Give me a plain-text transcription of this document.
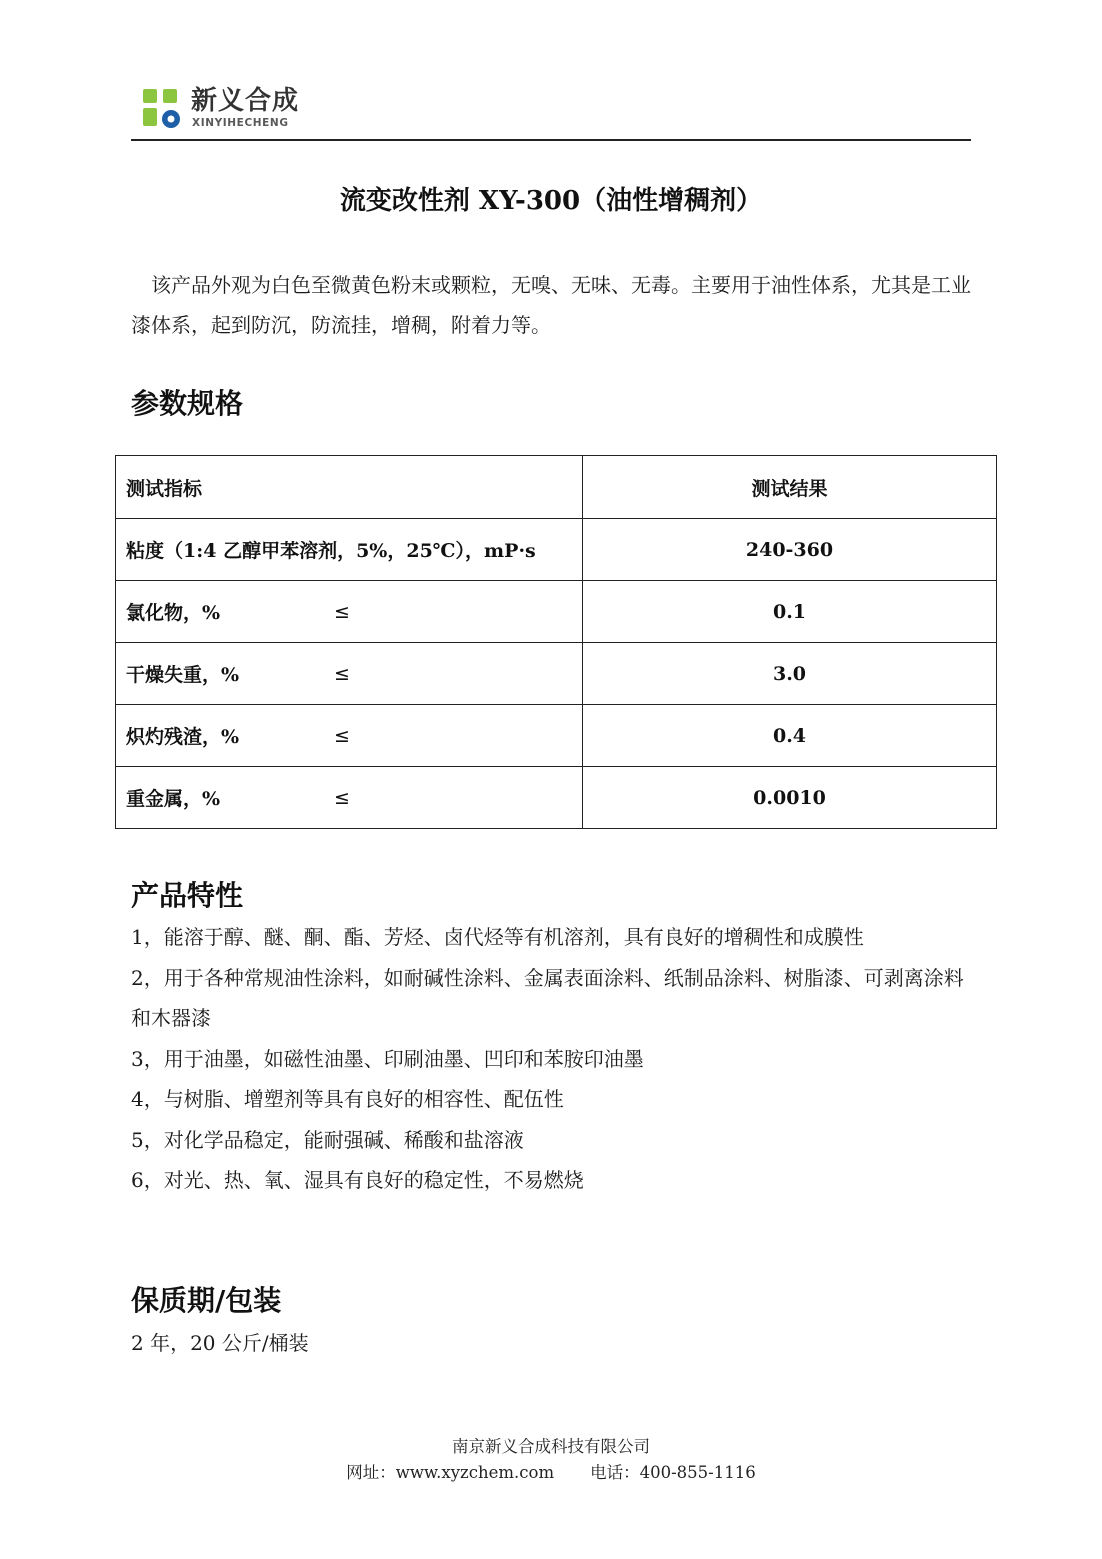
新义合成
XINYIHECHENG
流变改性剂 XY-300（油性增稠剂）
该产品外观为白色至微黄色粉末或颗粒，无嗅、无味、无毒。主要用于油性体系，尤其是工业漆体系，起到防沉，防流挂，增稠，附着力等。
参数规格
测试指标	测试结果
粘度（1:4 乙醇甲苯溶剂，5%，25℃），mP·s	240-360
氯化物，% ≤	0.1
干燥失重，% ≤	3.0
炽灼残渣，% ≤	0.4
重金属，% ≤	0.0010
产品特性
1，能溶于醇、醚、酮、酯、芳烃、卤代烃等有机溶剂，具有良好的增稠性和成膜性
2，用于各种常规油性涂料，如耐碱性涂料、金属表面涂料、纸制品涂料、树脂漆、可剥离涂料和木器漆
3，用于油墨，如磁性油墨、印刷油墨、凹印和苯胺印油墨
4，与树脂、增塑剂等具有良好的相容性、配伍性
5，对化学品稳定，能耐强碱、稀酸和盐溶液
6，对光、热、氧、湿具有良好的稳定性，不易燃烧
保质期/包装
2 年，20 公斤/桶装
南京新义合成科技有限公司
网址：www.xyzchem.com 电话：400-855-1116
